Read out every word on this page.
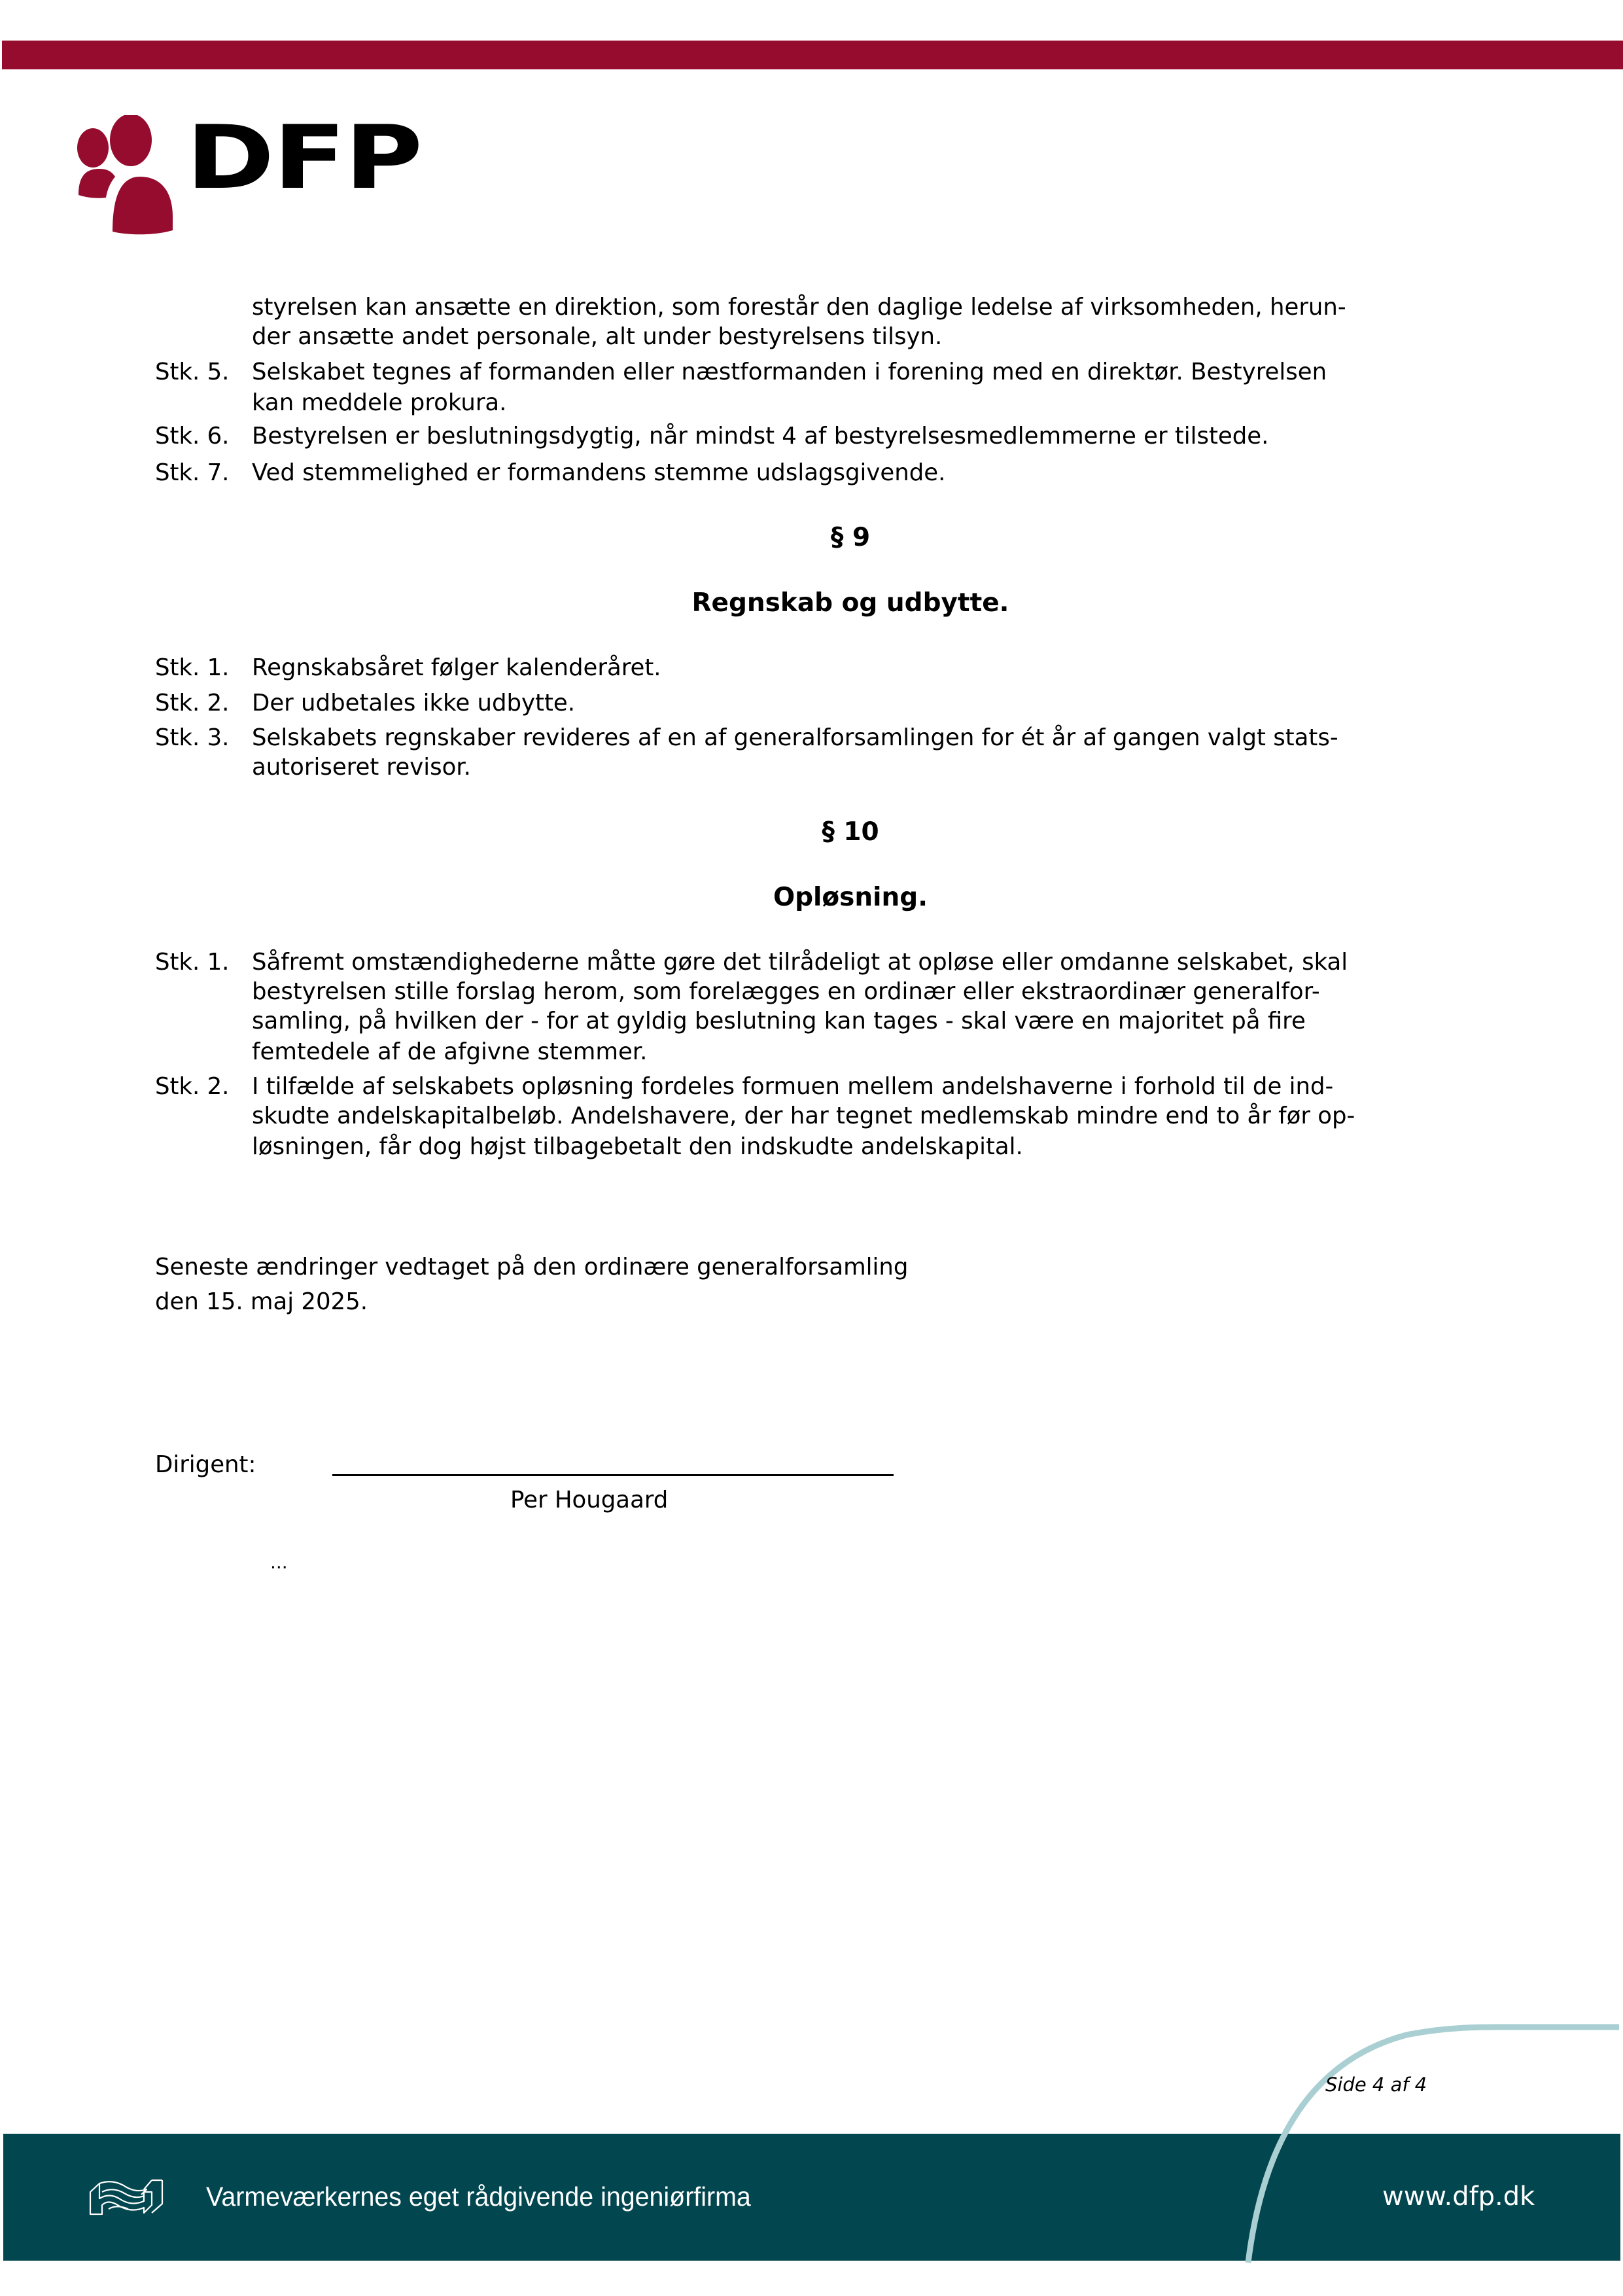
DFP
styrelsen kan ansætte en direktion, som forestår den daglige ledelse af virksomheden, herun-
der ansætte andet personale, alt under bestyrelsens tilsyn.
Stk. 5. Selskabet tegnes af formanden eller næstformanden i forening med en direktør. Bestyrelsen
kan meddele prokura.
Stk. 6. Bestyrelsen er beslutningsdygtig, når mindst 4 af bestyrelsesmedlemmerne er tilstede.
Stk. 7. Ved stemmelighed er formandens stemme udslagsgivende.
§ 9
Regnskab og udbytte.
Stk. 1. Regnskabsåret følger kalenderåret.
Stk. 2. Der udbetales ikke udbytte.
Stk. 3. Selskabets regnskaber revideres af en af generalforsamlingen for ét år af gangen valgt stats-
autoriseret revisor.
§ 10
Opløsning.
Stk. 1. Såfremt omstændighederne måtte gøre det tilrådeligt at opløse eller omdanne selskabet, skal
bestyrelsen stille forslag herom, som forelægges en ordinær eller ekstraordinær generalfor-
samling, på hvilken der - for at gyldig beslutning kan tages - skal være en majoritet på fire
femtedele af de afgivne stemmer.
Stk. 2. I tilfælde af selskabets opløsning fordeles formuen mellem andelshaverne i forhold til de ind-
skudte andelskapitalbeløb. Andelshavere, der har tegnet medlemskab mindre end to år før op-
løsningen, får dog højst tilbagebetalt den indskudte andelskapital.
Seneste ændringer vedtaget på den ordinære generalforsamling
den 15. maj 2025.
Dirigent:
Per Hougaard
...
Side 4 af 4
Varmeværkernes eget rådgivende ingeniørfirma	www.dfp.dk
